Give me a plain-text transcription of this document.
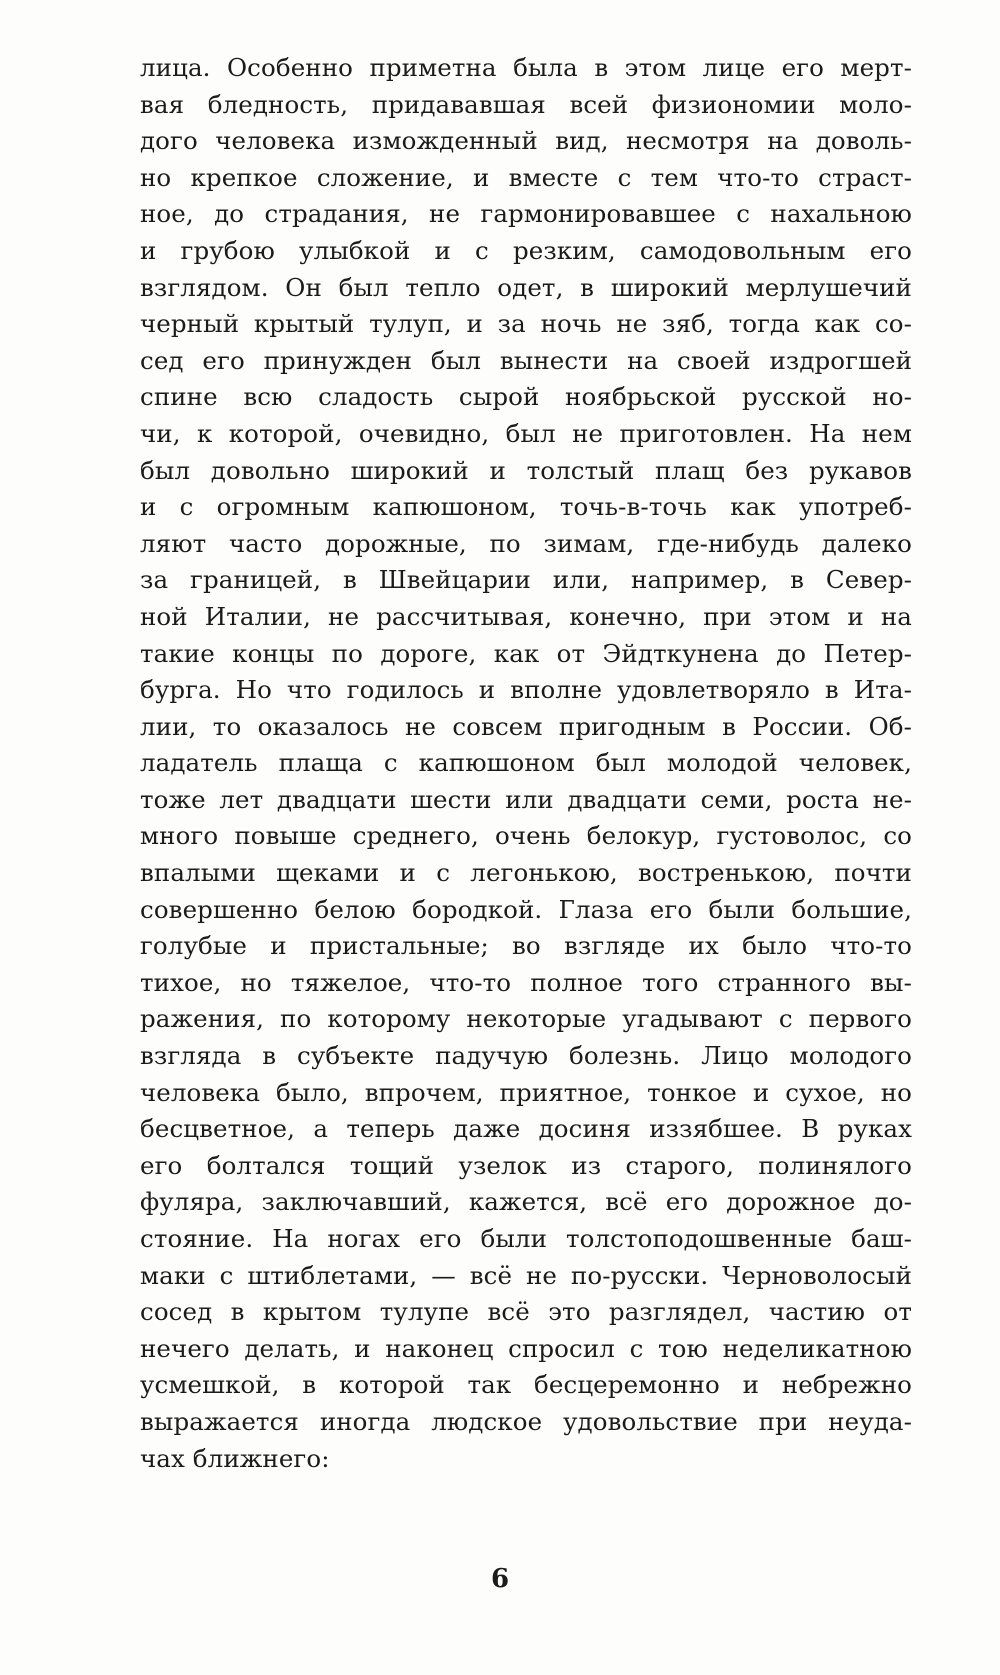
лица. Особенно приметна была в этом лице его мерт-
вая бледность, придававшая всей физиономии моло-
дого человека изможденный вид, несмотря на доволь-
но крепкое сложение, и вместе с тем что-то страст-
ное, до страдания, не гармонировавшее с нахальною
и грубою улыбкой и с резким, самодовольным его
взглядом. Он был тепло одет, в широкий мерлушечий
черный крытый тулуп, и за ночь не зяб, тогда как со-
сед его принужден был вынести на своей издрогшей
спине всю сладость сырой ноябрьской русской но-
чи, к которой, очевидно, был не приготовлен. На нем
был довольно широкий и толстый плащ без рукавов
и с огромным капюшоном, точь-в-точь как употреб-
ляют часто дорожные, по зимам, где-нибудь далеко
за границей, в Швейцарии или, например, в Север-
ной Италии, не рассчитывая, конечно, при этом и на
такие концы по дороге, как от Эйдткунена до Петер-
бурга. Но что годилось и вполне удовлетворяло в Ита-
лии, то оказалось не совсем пригодным в России. Об-
ладатель плаща с капюшоном был молодой человек,
тоже лет двадцати шести или двадцати семи, роста не-
много повыше среднего, очень белокур, густоволос, со
впалыми щеками и с легонькою, востренькою, почти
совершенно белою бородкой. Глаза его были большие,
голубые и пристальные; во взгляде их было что-то
тихое, но тяжелое, что-то полное того странного вы-
ражения, по которому некоторые угадывают с первого
взгляда в субъекте падучую болезнь. Лицо молодого
человека было, впрочем, приятное, тонкое и сухое, но
бесцветное, а теперь даже досиня иззябшее. В руках
его болтался тощий узелок из старого, полинялого
фуляра, заключавший, кажется, всё его дорожное до-
стояние. На ногах его были толстоподошвенные баш-
маки с штиблетами, — всё не по-русски. Черноволосый
сосед в крытом тулупе всё это разглядел, частию от
нечего делать, и наконец спросил с тою неделикатною
усмешкой, в которой так бесцеремонно и небрежно
выражается иногда людское удовольствие при неуда-
чах ближнего:
6
